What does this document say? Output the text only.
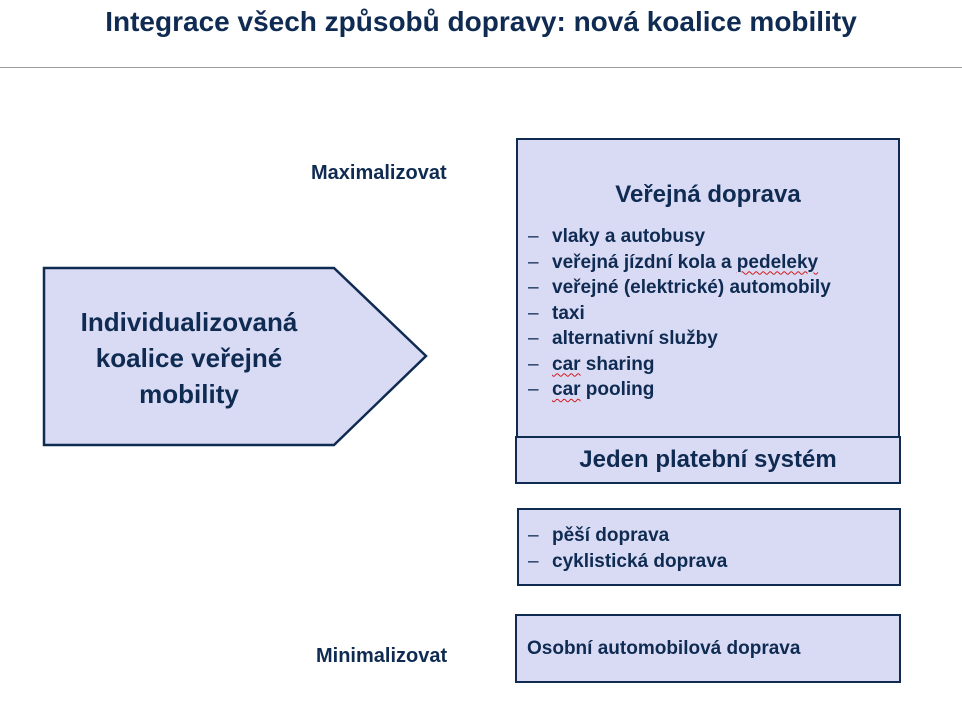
Integrace všech způsobů dopravy: nová koalice mobility
Maximalizovat
Minimalizovat
Individualizovaná
koalice veřejné
mobility
Veřejná doprava
– vlaky a autobusy
– veřejná jízdní kola a pedeleky
– veřejné (elektrické) automobily
– taxi
– alternativní služby
– car sharing
– car pooling
Jeden platební systém
– pěší doprava
– cyklistická doprava
Osobní automobilová doprava
